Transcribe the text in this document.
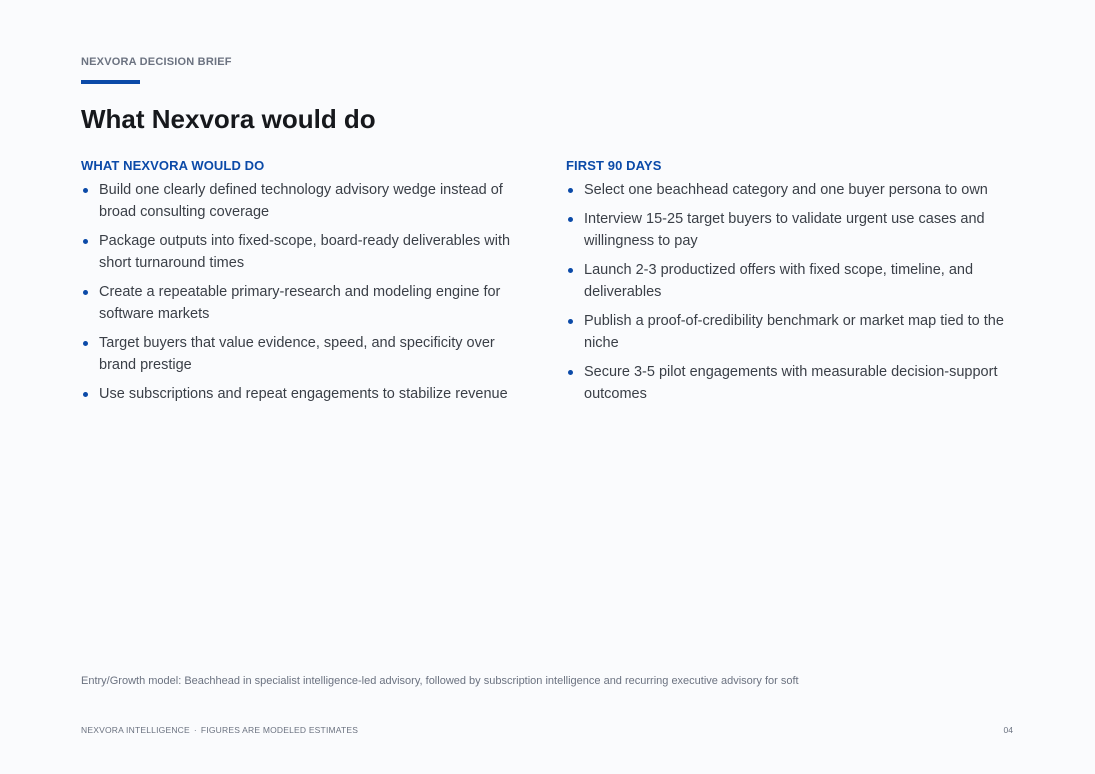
NEXVORA DECISION BRIEF
What Nexvora would do
WHAT NEXVORA WOULD DO
Build one clearly defined technology advisory wedge instead of broad consulting coverage
Package outputs into fixed-scope, board-ready deliverables with short turnaround times
Create a repeatable primary-research and modeling engine for software markets
Target buyers that value evidence, speed, and specificity over brand prestige
Use subscriptions and repeat engagements to stabilize revenue
FIRST 90 DAYS
Select one beachhead category and one buyer persona to own
Interview 15-25 target buyers to validate urgent use cases and willingness to pay
Launch 2-3 productized offers with fixed scope, timeline, and deliverables
Publish a proof-of-credibility benchmark or market map tied to the niche
Secure 3-5 pilot engagements with measurable decision-support outcomes
Entry/Growth model: Beachhead in specialist intelligence-led advisory, followed by subscription intelligence and recurring executive advisory for soft
NEXVORA INTELLIGENCE · FIGURES ARE MODELED ESTIMATES	04
